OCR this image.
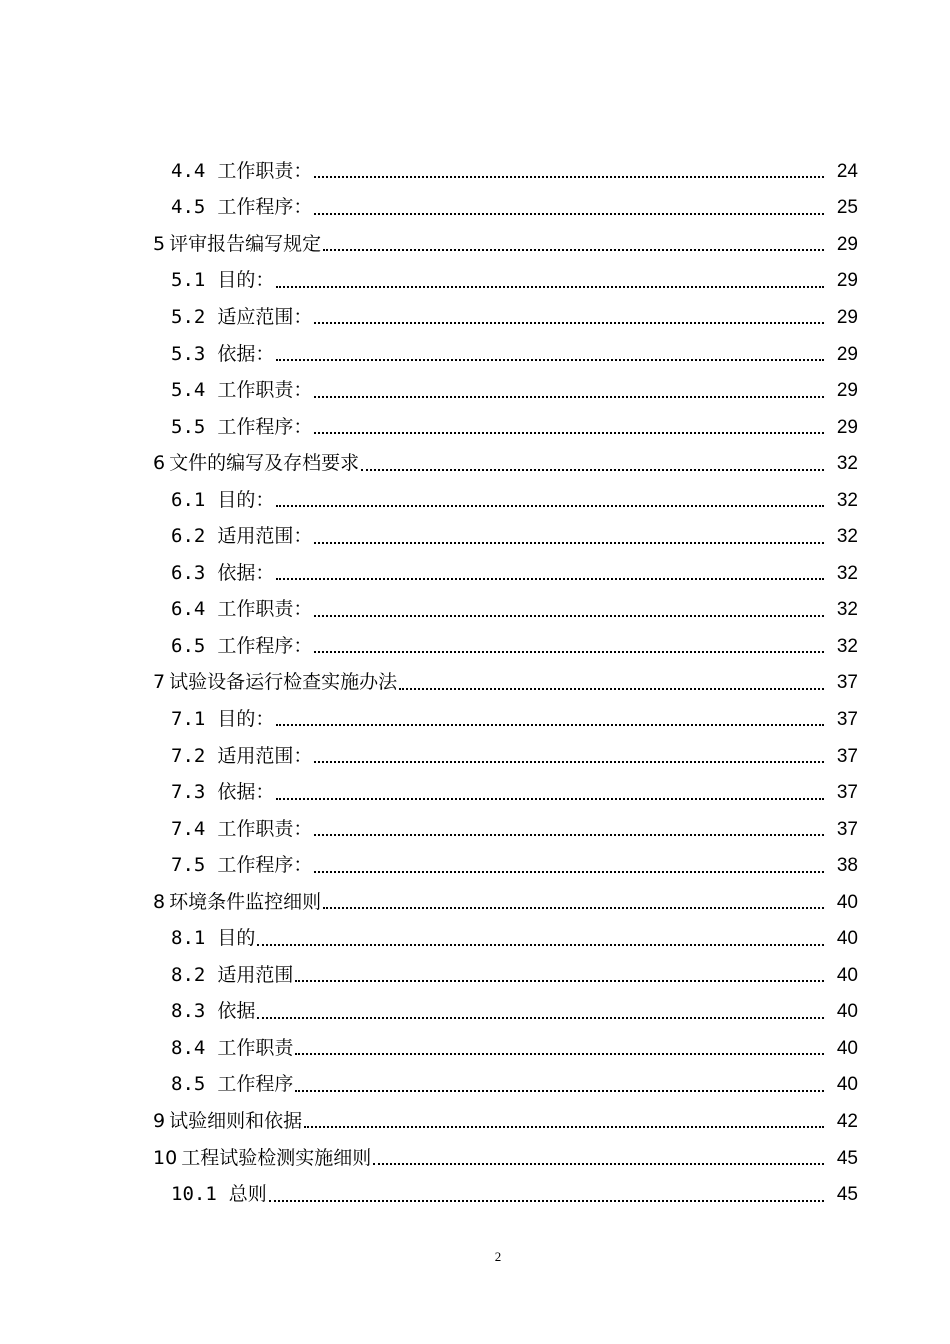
4.4 工作职责：	24
4.5 工作程序：	25
5 评审报告编写规定	29
5.1 目的：	29
5.2 适应范围：	29
5.3 依据：	29
5.4 工作职责：	29
5.5 工作程序：	29
6 文件的编写及存档要求	32
6.1 目的：	32
6.2 适用范围：	32
6.3 依据：	32
6.4 工作职责：	32
6.5 工作程序：	32
7 试验设备运行检查实施办法	37
7.1 目的：	37
7.2 适用范围：	37
7.3 依据：	37
7.4 工作职责：	37
7.5 工作程序：	38
8 环境条件监控细则	40
8.1 目的	40
8.2 适用范围	40
8.3 依据	40
8.4 工作职责	40
8.5 工作程序	40
9 试验细则和依据	42
10 工程试验检测实施细则	45
10.1 总则	45
2
